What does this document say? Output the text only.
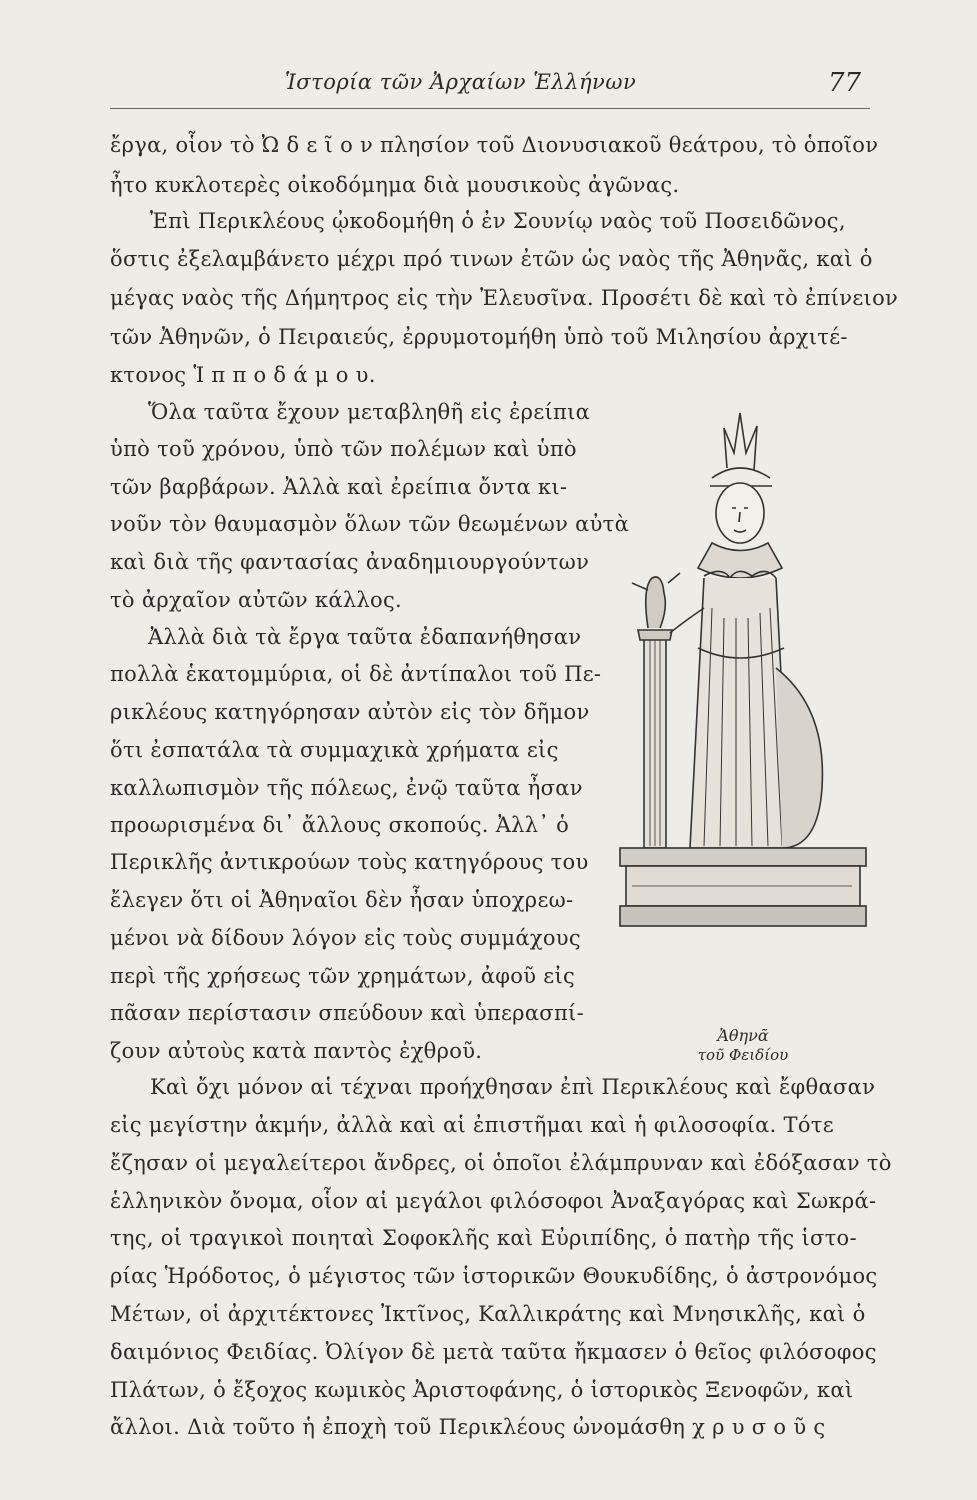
Ἱστορία τῶν Ἀρχαίων Ἑλλήνων	77
ἔργα, οἷον τὸ Ὠ δ ε ῖ ο ν πλησίον τοῦ Διονυσιακοῦ θεάτρου, τὸ ὁποῖον
ἦτο κυκλοτερὲς οἰκοδόμημα διὰ μουσικοὺς ἀγῶνας.
Ἐπὶ Περικλέους ᾠκοδομήθη ὁ ἐν Σουνίῳ ναὸς τοῦ Ποσειδῶνος,
ὅστις ἐξελαμβάνετο μέχρι πρό τινων ἐτῶν ὡς ναὸς τῆς Ἀθηνᾶς, καὶ ὁ
μέγας ναὸς τῆς Δήμητρος εἰς τὴν Ἐλευσῖνα. Προσέτι δὲ καὶ τὸ ἐπίνειον
τῶν Ἀθηνῶν, ὁ Πειραιεύς, ἐρρυμοτομήθη ὑπὸ τοῦ Μιλησίου ἀρχιτέ-
κτονος Ἱ π π ο δ ά μ ο υ.
Ὅλα ταῦτα ἔχουν μεταβληθῆ εἰς ἐρείπια
ὑπὸ τοῦ χρόνου, ὑπὸ τῶν πολέμων καὶ ὑπὸ
τῶν βαρβάρων. Ἀλλὰ καὶ ἐρείπια ὄντα κι-
νοῦν τὸν θαυμασμὸν ὅλων τῶν θεωμένων αὐτὰ
καὶ διὰ τῆς φαντασίας ἀναδημιουργούντων
τὸ ἀρχαῖον αὐτῶν κάλλος.
Ἀλλὰ διὰ τὰ ἔργα ταῦτα ἐδαπανήθησαν
πολλὰ ἑκατομμύρια, οἱ δὲ ἀντίπαλοι τοῦ Πε-
ρικλέους κατηγόρησαν αὐτὸν εἰς τὸν δῆμον
ὅτι ἐσπατάλα τὰ συμμαχικὰ χρήματα εἰς
καλλωπισμὸν τῆς πόλεως, ἐνῷ ταῦτα ἦσαν
προωρισμένα δι᾽ ἄλλους σκοπούς. Ἀλλ᾽ ὁ
Περικλῆς ἀντικρούων τοὺς κατηγόρους του
ἔλεγεν ὅτι οἱ Ἀθηναῖοι δὲν ἦσαν ὑποχρεω-
μένοι νὰ δίδουν λόγον εἰς τοὺς συμμάχους
περὶ τῆς χρήσεως τῶν χρημάτων, ἀφοῦ εἰς
πᾶσαν περίστασιν σπεύδουν καὶ ὑπερασπί-
ζουν αὐτοὺς κατὰ παντὸς ἐχθροῦ.
Καὶ ὄχι μόνον αἱ τέχναι προήχθησαν ἐπὶ Περικλέους καὶ ἔφθασαν
εἰς μεγίστην ἀκμήν, ἀλλὰ καὶ αἱ ἐπιστῆμαι καὶ ἡ φιλοσοφία. Τότε
ἔζησαν οἱ μεγαλείτεροι ἄνδρες, οἱ ὁποῖοι ἐλάμπρυναν καὶ ἐδόξασαν τὸ
ἑλληνικὸν ὄνομα, οἷον αἱ μεγάλοι φιλόσοφοι Ἀναξαγόρας καὶ Σωκρά-
της, οἱ τραγικοὶ ποιηταὶ Σοφοκλῆς καὶ Εὐριπίδης, ὁ πατὴρ τῆς ἱστο-
ρίας Ἡρόδοτος, ὁ μέγιστος τῶν ἱστορικῶν Θουκυδίδης, ὁ ἀστρονόμος
Μέτων, οἱ ἀρχιτέκτονες Ἰκτῖνος, Καλλικράτης καὶ Μνησικλῆς, καὶ ὁ
δαιμόνιος Φειδίας. Ὀλίγον δὲ μετὰ ταῦτα ἤκμασεν ὁ θεῖος φιλόσοφος
Πλάτων, ὁ ἔξοχος κωμικὸς Ἀριστοφάνης, ὁ ἱστορικὸς Ξενοφῶν, καὶ
ἄλλοι. Διὰ τοῦτο ἡ ἐποχὴ τοῦ Περικλέους ὠνομάσθη χ ρ υ σ ο ῦ ς
Ἀθηνᾶ
τοῦ Φειδίου
